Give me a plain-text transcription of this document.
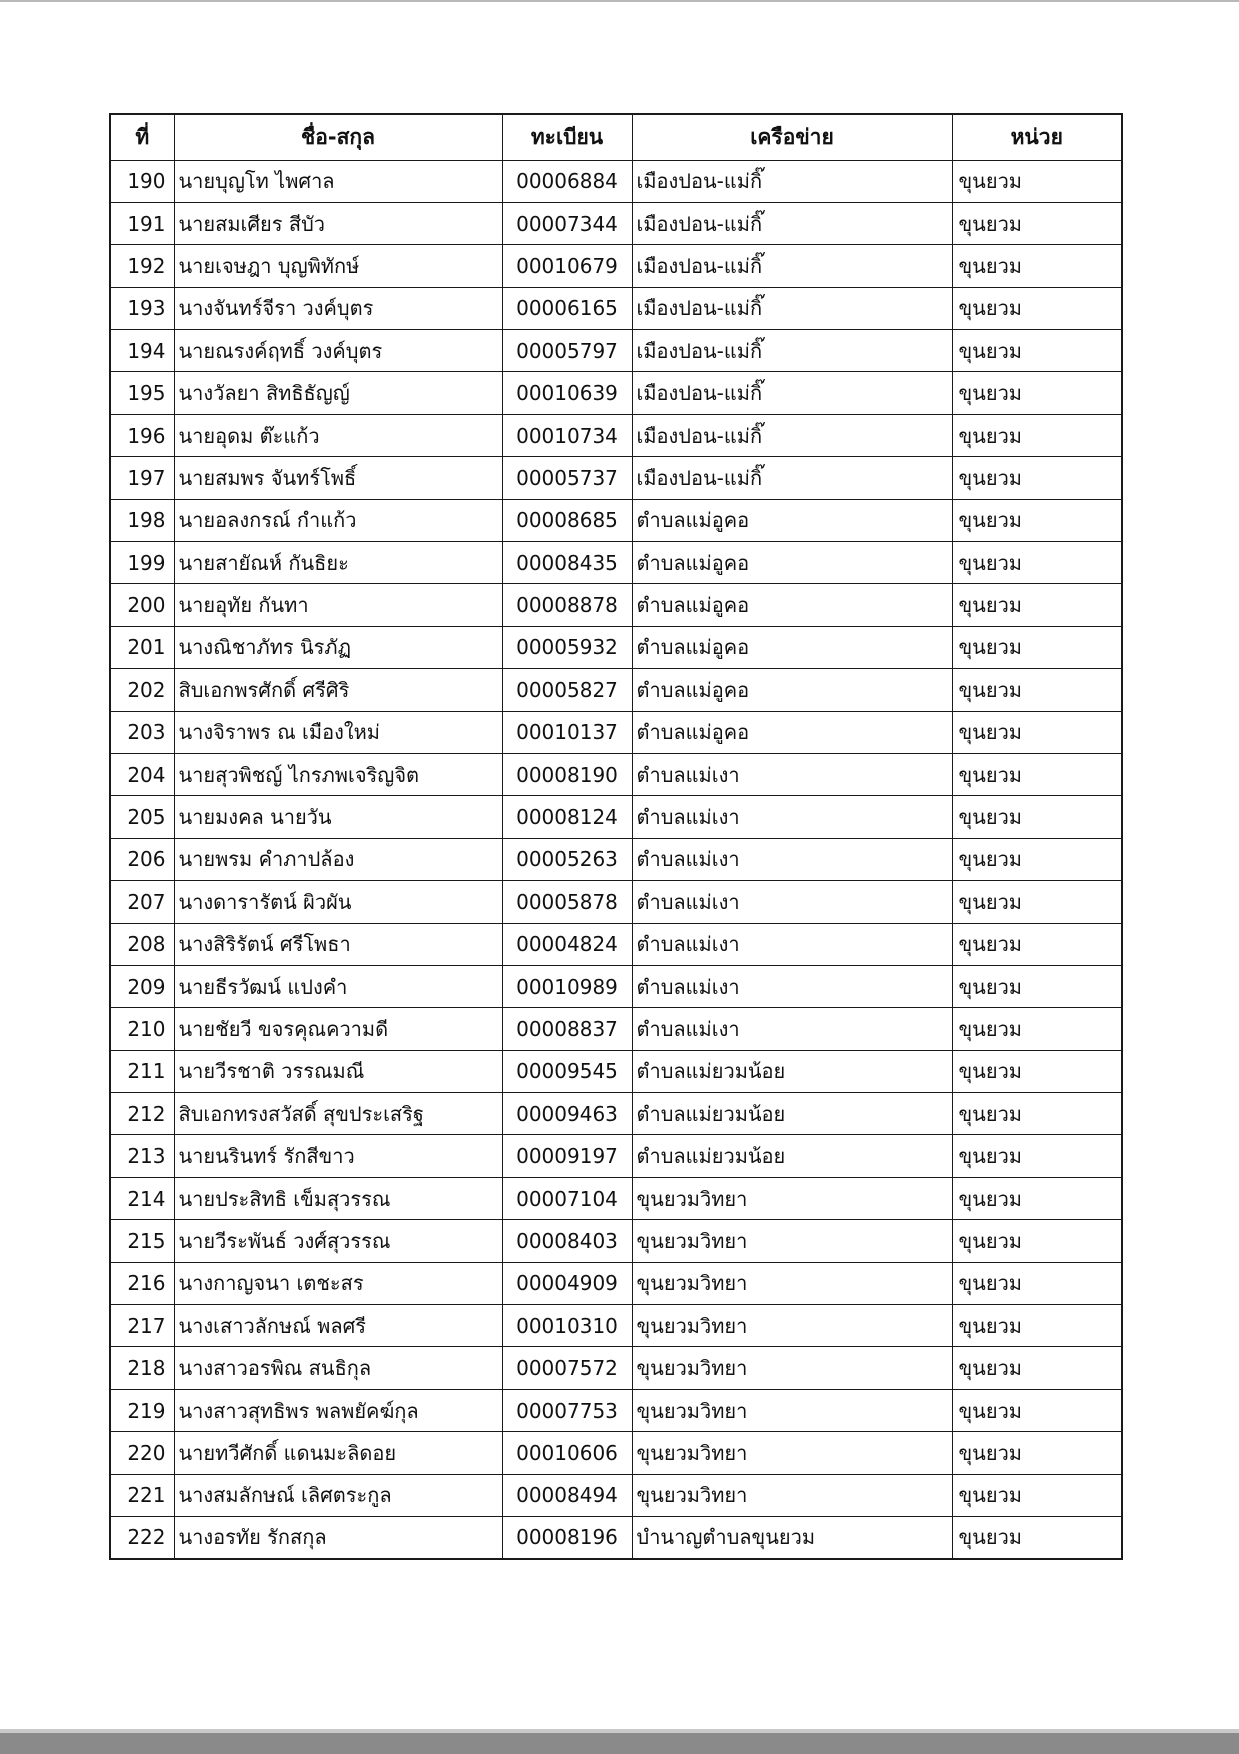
ที่	ชื่อ-สกุล	ทะเบียน	เครือข่าย	หน่วย
190	นายบุญโท ไพศาล	00006884	เมืองปอน-แม่กิ๊	ขุนยวม
191	นายสมเศียร สีบัว	00007344	เมืองปอน-แม่กิ๊	ขุนยวม
192	นายเจษฎา บุญพิทักษ์	00010679	เมืองปอน-แม่กิ๊	ขุนยวม
193	นางจันทร์จีรา วงค์บุตร	00006165	เมืองปอน-แม่กิ๊	ขุนยวม
194	นายณรงค์ฤทธิ์ วงค์บุตร	00005797	เมืองปอน-แม่กิ๊	ขุนยวม
195	นางวัลยา สิทธิธัญญ์	00010639	เมืองปอน-แม่กิ๊	ขุนยวม
196	นายอุดม ต๊ะแก้ว	00010734	เมืองปอน-แม่กิ๊	ขุนยวม
197	นายสมพร จันทร์โพธิ์	00005737	เมืองปอน-แม่กิ๊	ขุนยวม
198	นายอลงกรณ์ กำแก้ว	00008685	ตำบลแม่อูคอ	ขุนยวม
199	นายสายัณห์ กันธิยะ	00008435	ตำบลแม่อูคอ	ขุนยวม
200	นายอุทัย กันทา	00008878	ตำบลแม่อูคอ	ขุนยวม
201	นางณิชาภัทร นิรภัฏ	00005932	ตำบลแม่อูคอ	ขุนยวม
202	สิบเอกพรศักดิ์ ศรีศิริ	00005827	ตำบลแม่อูคอ	ขุนยวม
203	นางจิราพร ณ เมืองใหม่	00010137	ตำบลแม่อูคอ	ขุนยวม
204	นายสุวพิชญ์ ไกรภพเจริญจิต	00008190	ตำบลแม่เงา	ขุนยวม
205	นายมงคล นายวัน	00008124	ตำบลแม่เงา	ขุนยวม
206	นายพรม คำภาปล้อง	00005263	ตำบลแม่เงา	ขุนยวม
207	นางดารารัตน์ ผิวผัน	00005878	ตำบลแม่เงา	ขุนยวม
208	นางสิริรัตน์ ศรีโพธา	00004824	ตำบลแม่เงา	ขุนยวม
209	นายธีรวัฒน์ แปงคำ	00010989	ตำบลแม่เงา	ขุนยวม
210	นายชัยวี ขจรคุณความดี	00008837	ตำบลแม่เงา	ขุนยวม
211	นายวีรชาติ วรรณมณี	00009545	ตำบลแม่ยวมน้อย	ขุนยวม
212	สิบเอกทรงสวัสดิ์ สุขประเสริฐ	00009463	ตำบลแม่ยวมน้อย	ขุนยวม
213	นายนรินทร์ รักสีขาว	00009197	ตำบลแม่ยวมน้อย	ขุนยวม
214	นายประสิทธิ เข็มสุวรรณ	00007104	ขุนยวมวิทยา	ขุนยวม
215	นายวีระพันธ์ วงศ์สุวรรณ	00008403	ขุนยวมวิทยา	ขุนยวม
216	นางกาญจนา เตชะสร	00004909	ขุนยวมวิทยา	ขุนยวม
217	นางเสาวลักษณ์ พลศรี	00010310	ขุนยวมวิทยา	ขุนยวม
218	นางสาวอรพิณ สนธิกุล	00007572	ขุนยวมวิทยา	ขุนยวม
219	นางสาวสุทธิพร พลพยัคฆ์กุล	00007753	ขุนยวมวิทยา	ขุนยวม
220	นายทวีศักดิ์ แดนมะลิดอย	00010606	ขุนยวมวิทยา	ขุนยวม
221	นางสมลักษณ์ เลิศตระกูล	00008494	ขุนยวมวิทยา	ขุนยวม
222	นางอรทัย รักสกุล	00008196	บำนาญตำบลขุนยวม	ขุนยวม
